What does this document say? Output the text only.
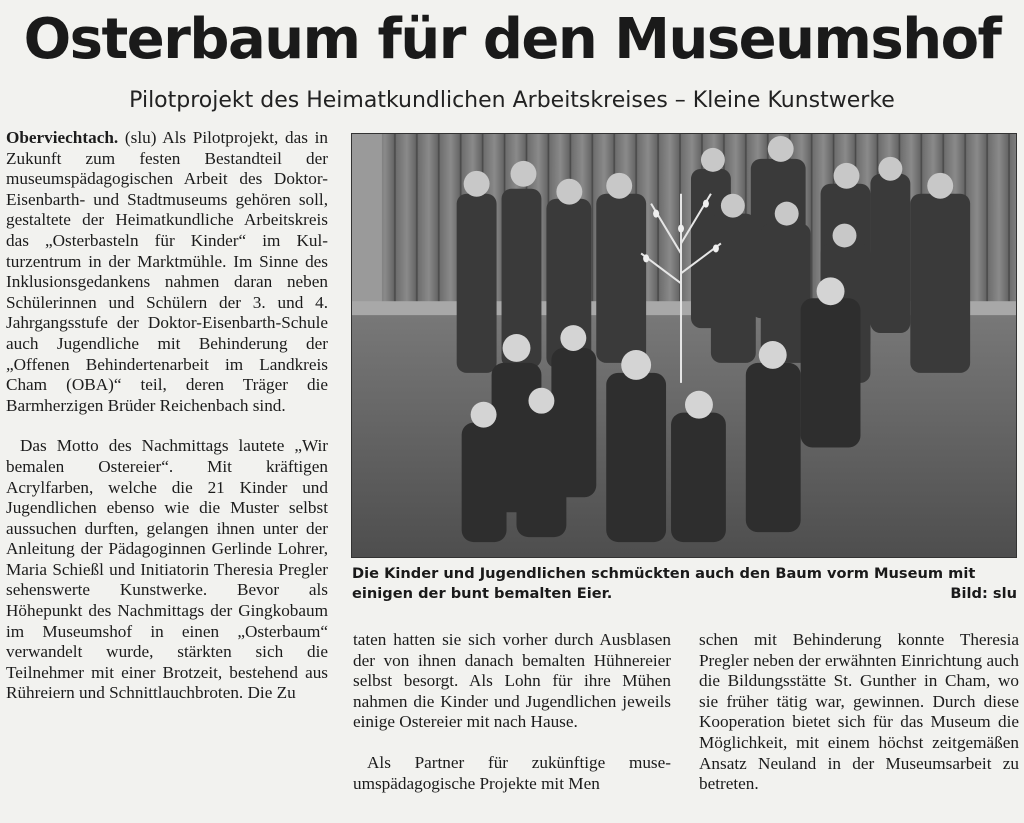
Osterbaum für den Museumshof
Pilotprojekt des Heimatkundlichen Arbeitskreises – Kleine Kunstwerke

Oberviechtach. (slu) Als Pilotprojekt, das in Zukunft zum festen Bestandteil der museumspädagogischen Arbeit des Doktor-Eisenbarth- und Stadtmuseums gehören soll, gestaltete der Heimatkundliche Arbeitskreis das „Osterbasteln für Kinder“ im Kulturzentrum in der Marktmühle. Im Sinne des Inklusionsgedankens nahmen daran neben Schülerinnen und Schülern der 3. und 4. Jahrgangsstufe der Doktor-Eisenbarth-Schule auch Jugendliche mit Behinderung der „Offenen Behindertenarbeit im Landkreis Cham (OBA)“ teil, deren Träger die Barmherzigen Brüder Reichenbach sind.

Das Motto des Nachmittags lautete „Wir bemalen Ostereier“. Mit kräftigen Acrylfarben, welche die 21 Kinder und Jugendlichen ebenso wie die Muster selbst aussuchen durften, gelangen ihnen unter der Anleitung der Pädagoginnen Gerlinde Lohrer, Maria Schießl und Initiatorin Theresia Pregler sehenswerte Kunstwerke. Bevor als Höhepunkt des Nachmittags der Gingkobaum im Museumshof in einen „Osterbaum“ verwandelt wurde, stärkten sich die Teilnehmer mit einer Brotzeit, bestehend aus Rühreiern und Schnittlauchbroten. Die Zu

Die Kinder und Jugendlichen schmückten auch den Baum vorm Museum mit einigen der bunt bemalten Eier.	Bild: slu

taten hatten sie sich vorher durch Ausblasen der von ihnen danach bemalten Hühnereier selbst besorgt. Als Lohn für ihre Mühen nahmen die Kinder und Jugendlichen jeweils einige Ostereier mit nach Hause.

Als Partner für zukünftige museumspädagogische Projekte mit Men

schen mit Behinderung konnte Theresia Pregler neben der erwähnten Einrichtung auch die Bildungsstätte St. Gunther in Cham, wo sie früher tätig war, gewinnen. Durch diese Kooperation bietet sich für das Museum die Möglichkeit, mit einem höchst zeitgemäßen Ansatz Neuland in der Museumsarbeit zu betreten.
